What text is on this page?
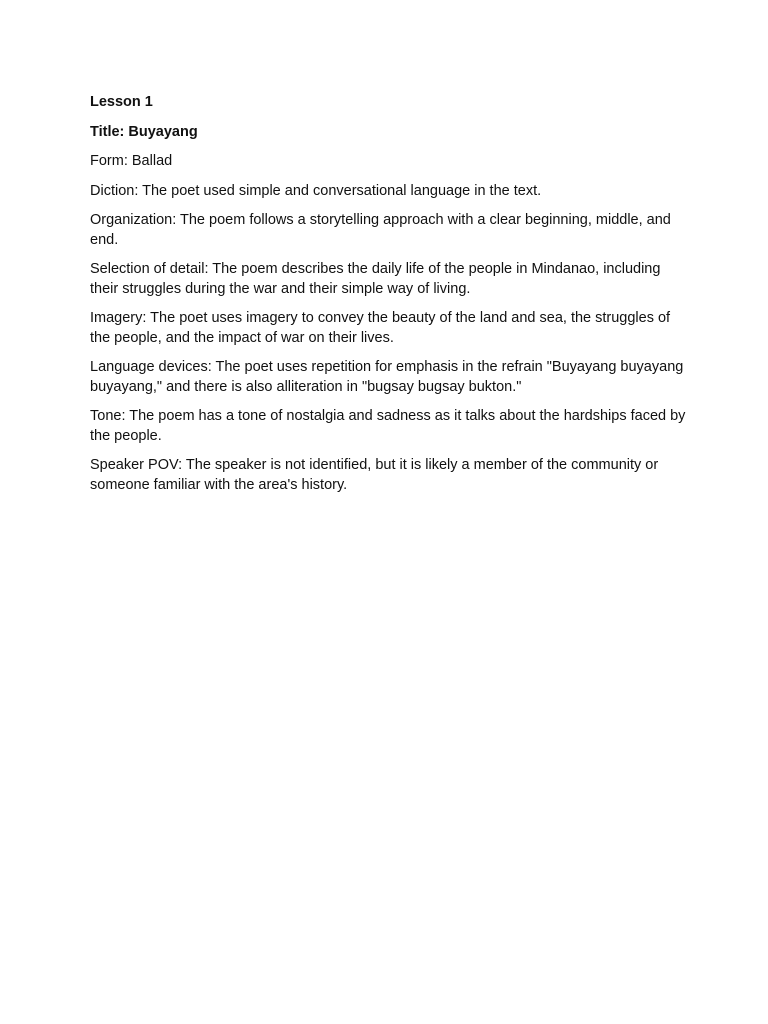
Lesson 1

Title: Buyayang

Form: Ballad

Diction: The poet used simple and conversational language in the text.

Organization: The poem follows a storytelling approach with a clear beginning, middle, and end.

Selection of detail: The poem describes the daily life of the people in Mindanao, including their struggles during the war and their simple way of living.

Imagery: The poet uses imagery to convey the beauty of the land and sea, the struggles of the people, and the impact of war on their lives.

Language devices: The poet uses repetition for emphasis in the refrain "Buyayang buyayang buyayang," and there is also alliteration in "bugsay bugsay bukton."

Tone: The poem has a tone of nostalgia and sadness as it talks about the hardships faced by the people.

Speaker POV: The speaker is not identified, but it is likely a member of the community or someone familiar with the area's history.
